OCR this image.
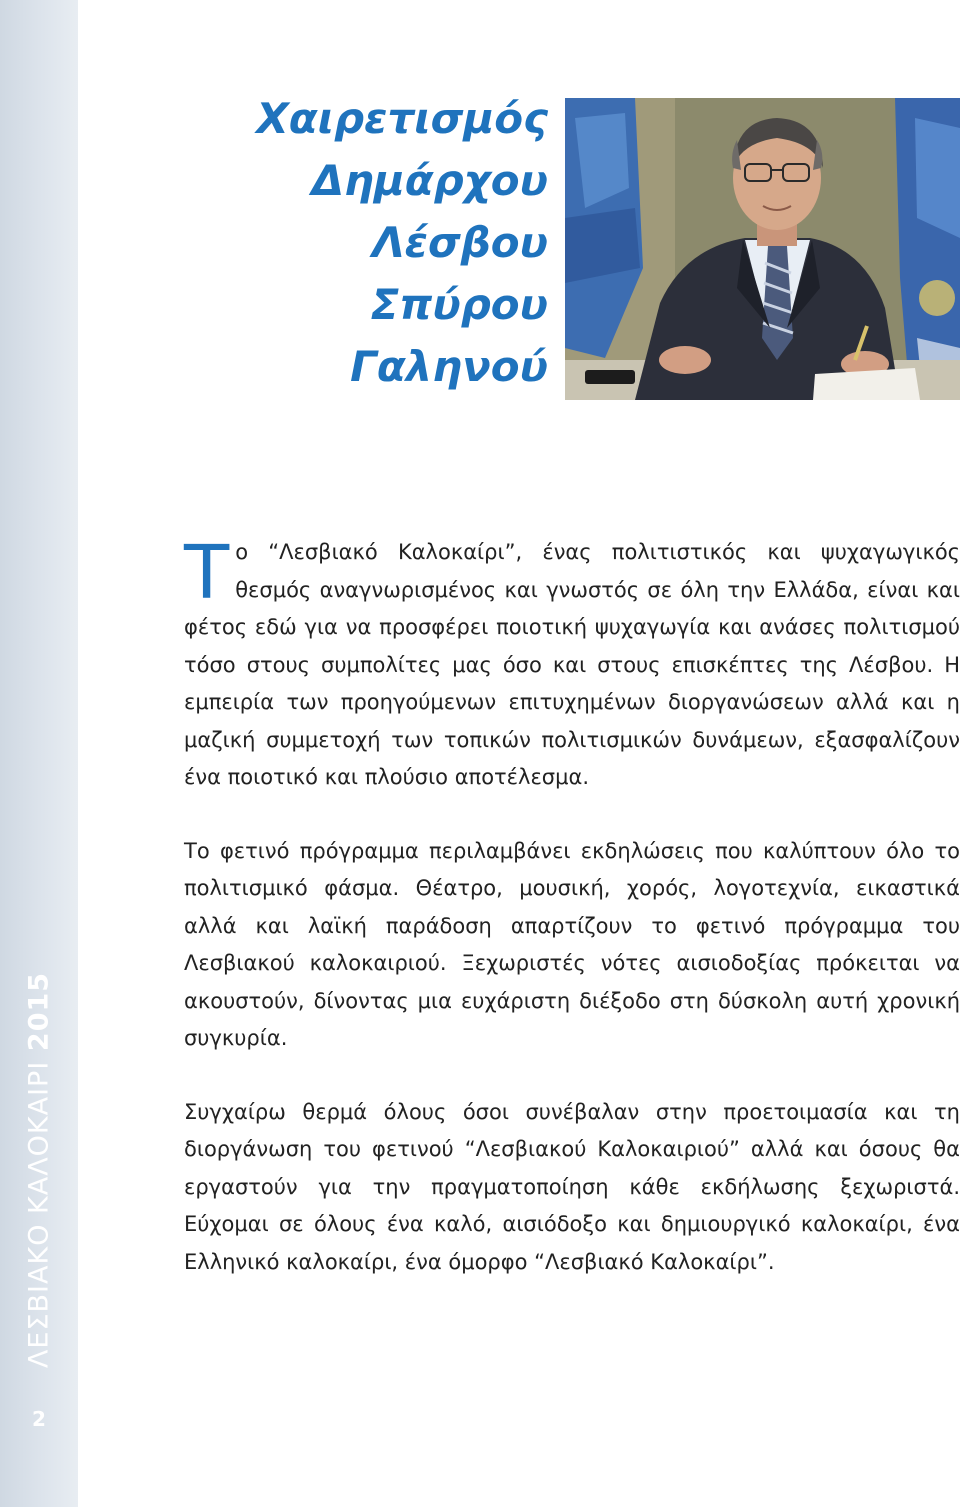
ΛΕΣΒΙΑΚΟ ΚΑΛΟΚΑΙΡΙ 2015
2
Χαιρετισμός
Δημάρχου
Λέσβου
Σπύρου
Γαληνού

Το “Λεσβιακό Καλοκαίρι”, ένας πολιτιστικός και ψυχαγωγικός θεσμός αναγνωρισμένος και γνωστός σε όλη την Ελλάδα, είναι και φέτος εδώ για να προσφέρει ποιοτική ψυχαγωγία και ανάσες πολιτισμού τόσο στους συμπολίτες μας όσο και στους επισκέπτες της Λέσβου. Η εμπειρία των προηγούμενων επιτυχημένων διοργανώσεων αλλά και η μαζική συμμετοχή των τοπικών πολιτισμικών δυνάμεων, εξασφαλίζουν ένα ποιοτικό και πλούσιο αποτέλεσμα.

Το φετινό πρόγραμμα περιλαμβάνει εκδηλώσεις που καλύπτουν όλο το πολιτισμικό φάσμα. Θέατρο, μουσική, χορός, λογοτεχνία, εικαστικά αλλά και λαϊκή παράδοση απαρτίζουν το φετινό πρόγραμμα του Λεσβιακού καλοκαιριού. Ξεχωριστές νότες αισιοδοξίας πρόκειται να ακουστούν, δίνοντας μια ευχάριστη διέξοδο στη δύσκολη αυτή χρονική συγκυρία.

Συγχαίρω θερμά όλους όσοι συνέβαλαν στην προετοιμασία και τη διοργάνωση του φετινού “Λεσβιακού Καλοκαιριού” αλλά και όσους θα εργαστούν για την πραγματοποίηση κάθε εκδήλωσης ξεχωριστά. Εύχομαι σε όλους ένα καλό, αισιόδοξο και δημιουργικό καλοκαίρι, ένα Ελληνικό καλοκαίρι, ένα όμορφο “Λεσβιακό Καλοκαίρι”.
